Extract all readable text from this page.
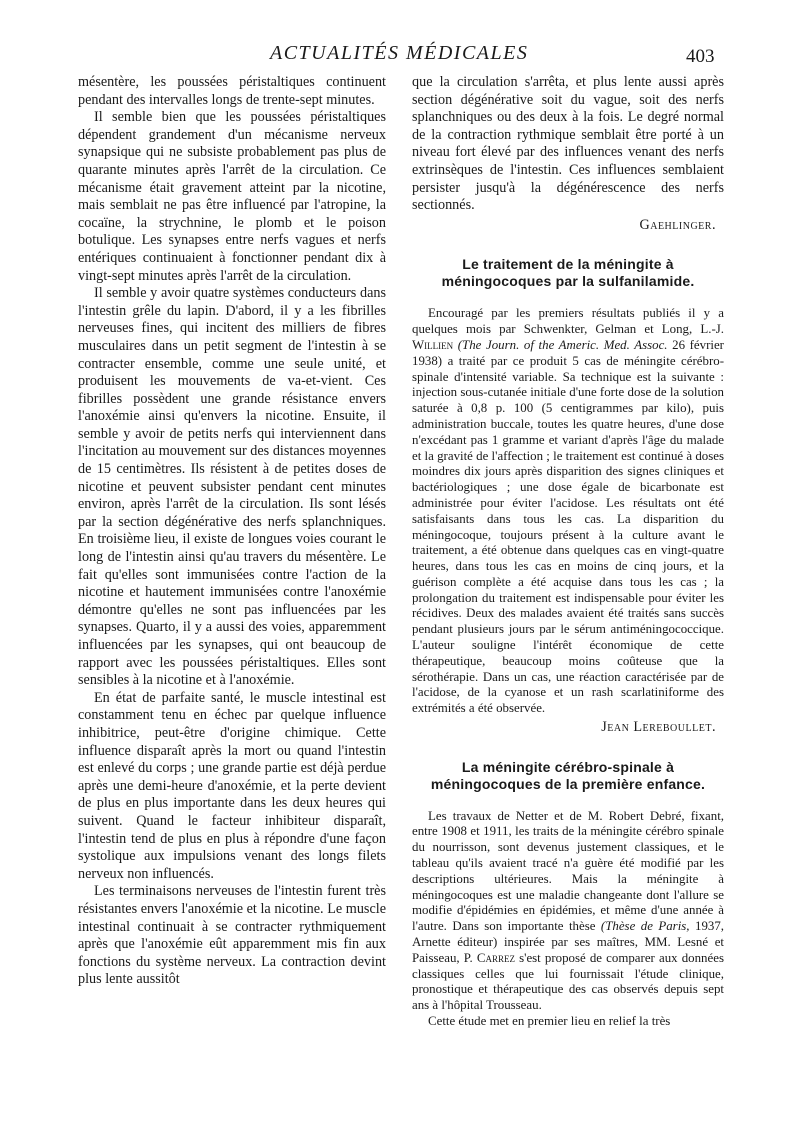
ACTUALITÉS MÉDICALES	403

mésentère, les poussées péristaltiques continuent pendant des intervalles longs de trente-sept minutes.

Il semble bien que les poussées péristaltiques dépendent grandement d'un mécanisme nerveux synapsique qui ne subsiste probablement pas plus de quarante minutes après l'arrêt de la circulation. Ce mécanisme était gravement atteint par la nicotine, mais semblait ne pas être influencé par l'atropine, la cocaïne, la strychnine, le plomb et le poison botulique. Les synapses entre nerfs vagues et nerfs entériques continuaient à fonctionner pendant dix à vingt-sept minutes après l'arrêt de la circulation.

Il semble y avoir quatre systèmes conducteurs dans l'intestin grêle du lapin. D'abord, il y a les fibrilles nerveuses fines, qui incitent des milliers de fibres musculaires dans un petit segment de l'intestin à se contracter ensemble, comme une seule unité, et produisent les mouvements de va-et-vient. Ces fibrilles possèdent une grande résistance envers l'anoxémie ainsi qu'envers la nicotine. Ensuite, il semble y avoir de petits nerfs qui interviennent dans l'incitation au mouvement sur des distances moyennes de 15 centimètres. Ils résistent à de petites doses de nicotine et peuvent subsister pendant cent minutes environ, après l'arrêt de la circulation. Ils sont lésés par la section dégénérative des nerfs splanchniques. En troisième lieu, il existe de longues voies courant le long de l'intestin ainsi qu'au travers du mésentère. Le fait qu'elles sont immunisées contre l'action de la nicotine et hautement immunisées contre l'anoxémie démontre qu'elles ne sont pas influencées par les synapses. Quarto, il y a aussi des voies, apparemment influencées par les synapses, qui ont beaucoup de rapport avec les poussées péristaltiques. Elles sont sensibles à la nicotine et à l'anoxémie.

En état de parfaite santé, le muscle intestinal est constamment tenu en échec par quelque influence inhibitrice, peut-être d'origine chimique. Cette influence disparaît après la mort ou quand l'intestin est enlevé du corps ; une grande partie est déjà perdue après une demi-heure d'anoxémie, et la perte devient de plus en plus importante dans les deux heures qui suivent. Quand le facteur inhibiteur disparaît, l'intestin tend de plus en plus à répondre d'une façon systolique aux impulsions venant des longs filets nerveux non influencés.

Les terminaisons nerveuses de l'intestin furent très résistantes envers l'anoxémie et la nicotine. Le muscle intestinal continuait à se contracter rythmiquement après que l'anoxémie eût apparemment mis fin aux fonctions du système nerveux. La contraction devint plus lente aussitôt

que la circulation s'arrêta, et plus lente aussi après section dégénérative soit du vague, soit des nerfs splanchniques ou des deux à la fois. Le degré normal de la contraction rythmique semblait être porté à un niveau fort élevé par des influences venant des nerfs extrinsèques de l'intestin. Ces influences semblaient persister jusqu'à la dégénérescence des nerfs sectionnés.

Gaehlinger.

Le traitement de la méningite à méningocoques par la sulfanilamide.

Encouragé par les premiers résultats publiés il y a quelques mois par Schwenkter, Gelman et Long, L.-J. Willien (The Journ. of the Americ. Med. Assoc. 26 février 1938) a traité par ce produit 5 cas de méningite cérébro-spinale d'intensité variable. Sa technique est la suivante : injection sous-cutanée initiale d'une forte dose de la solution saturée à 0,8 p. 100 (5 centigrammes par kilo), puis administration buccale, toutes les quatre heures, d'une dose n'excédant pas 1 gramme et variant d'après l'âge du malade et la gravité de l'affection ; le traitement est continué à doses moindres dix jours après disparition des signes cliniques et bactériologiques ; une dose égale de bicarbonate est administrée pour éviter l'acidose. Les résultats ont été satisfaisants dans tous les cas. La disparition du méningocoque, toujours présent à la culture avant le traitement, a été obtenue dans quelques cas en vingt-quatre heures, dans tous les cas en moins de cinq jours, et la guérison complète a été acquise dans tous les cas ; la prolongation du traitement est indispensable pour éviter les récidives. Deux des malades avaient été traités sans succès pendant plusieurs jours par le sérum antiméningococcique. L'auteur souligne l'intérêt économique de cette thérapeutique, beaucoup moins coûteuse que la sérothérapie. Dans un cas, une réaction caractérisée par de l'acidose, de la cyanose et un rash scarlatiniforme des extrémités a été observée.

Jean Lereboullet.

La méningite cérébro-spinale à méningocoques de la première enfance.

Les travaux de Netter et de M. Robert Debré, fixant, entre 1908 et 1911, les traits de la méningite cérébro spinale du nourrisson, sont devenus justement classiques, et le tableau qu'ils avaient tracé n'a guère été modifié par les descriptions ultérieures. Mais la méningite à méningocoques est une maladie changeante dont l'allure se modifie d'épidémies en épidémies, et même d'une année à l'autre. Dans son importante thèse (Thèse de Paris, 1937, Arnette éditeur) inspirée par ses maîtres, MM. Lesné et Paisseau, P. Carrez s'est proposé de comparer aux données classiques celles que lui fournissait l'étude clinique, pronostique et thérapeutique des cas observés depuis sept ans à l'hôpital Trousseau.

Cette étude met en premier lieu en relief la très
